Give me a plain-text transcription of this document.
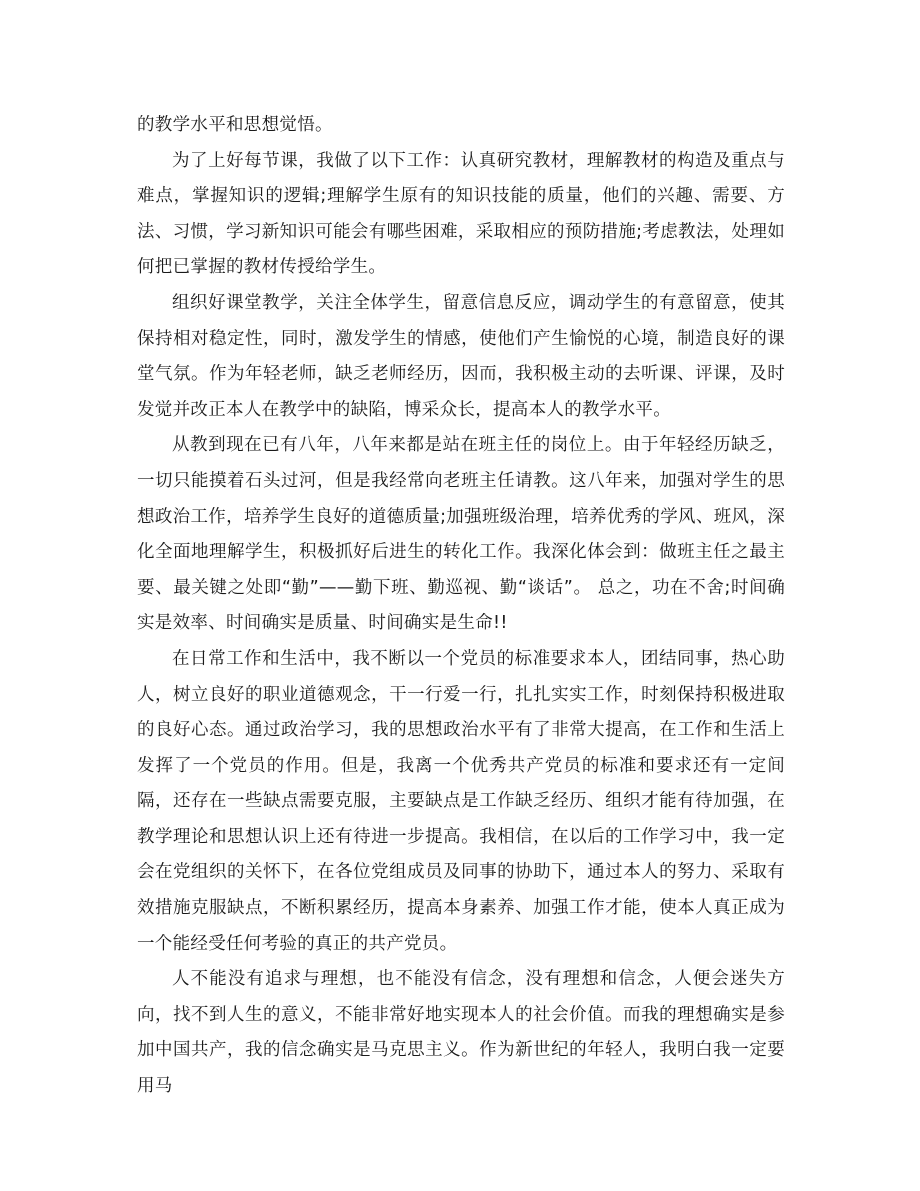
的教学水平和思想觉悟。

为了上好每节课，我做了以下工作：认真研究教材，理解教材的构造及重点与难点，掌握知识的逻辑;理解学生原有的知识技能的质量，他们的兴趣、需要、方法、习惯，学习新知识可能会有哪些困难，采取相应的预防措施;考虑教法，处理如何把已掌握的教材传授给学生。

组织好课堂教学，关注全体学生，留意信息反应，调动学生的有意留意，使其保持相对稳定性，同时，激发学生的情感，使他们产生愉悦的心境，制造良好的课堂气氛。作为年轻老师，缺乏老师经历，因而，我积极主动的去听课、评课，及时发觉并改正本人在教学中的缺陷，博采众长，提高本人的教学水平。

从教到现在已有八年，八年来都是站在班主任的岗位上。由于年轻经历缺乏，一切只能摸着石头过河，但是我经常向老班主任请教。这八年来，加强对学生的思想政治工作，培养学生良好的道德质量;加强班级治理，培养优秀的学风、班风，深化全面地理解学生，积极抓好后进生的转化工作。我深化体会到：做班主任之最主要、最关键之处即“勤”——勤下班、勤巡视、勤“谈话”。 总之，功在不舍;时间确实是效率、时间确实是质量、时间确实是生命!!

在日常工作和生活中，我不断以一个党员的标准要求本人，团结同事，热心助人，树立良好的职业道德观念，干一行爱一行，扎扎实实工作，时刻保持积极进取的良好心态。通过政治学习，我的思想政治水平有了非常大提高，在工作和生活上发挥了一个党员的作用。但是，我离一个优秀共产党员的标准和要求还有一定间隔，还存在一些缺点需要克服，主要缺点是工作缺乏经历、组织才能有待加强，在教学理论和思想认识上还有待进一步提高。我相信，在以后的工作学习中，我一定会在党组织的关怀下，在各位党组成员及同事的协助下，通过本人的努力、采取有效措施克服缺点，不断积累经历，提高本身素养、加强工作才能，使本人真正成为一个能经受任何考验的真正的共产党员。

人不能没有追求与理想，也不能没有信念，没有理想和信念，人便会迷失方向，找不到人生的意义，不能非常好地实现本人的社会价值。而我的理想确实是参加中国共产，我的信念确实是马克思主义。作为新世纪的年轻人，我明白我一定要用马
